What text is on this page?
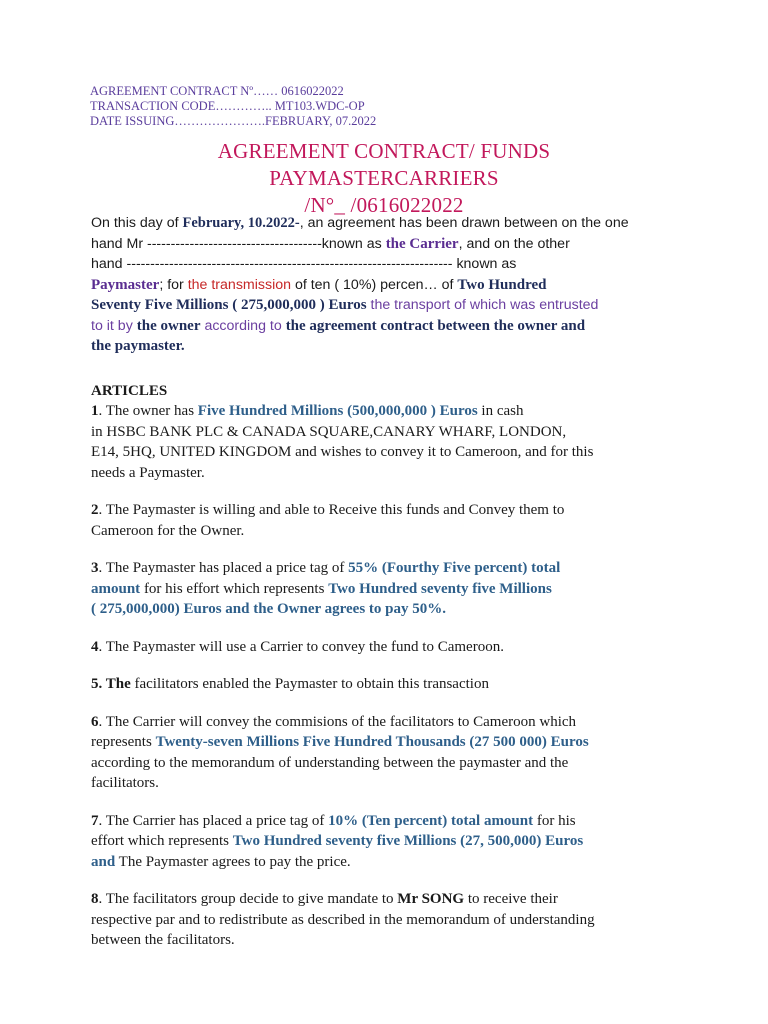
AGREEMENT CONTRACT Nº…… 0616022022
TRANSACTION CODE………….. MT103.WDC-OP
DATE ISSUING………………….FEBRUARY, 07.2022
AGREEMENT CONTRACT/ FUNDS
PAYMASTERCARRIERS
/N°_ /0616022022
On this day of February, 10.2022-, an agreement has been drawn between on the one
hand Mr -------------------------------------known as the Carrier, and on the other
hand --------------------------------------------------------------------- known as
Paymaster; for the transmission of ten ( 10%) percen… of Two Hundred
Seventy Five Millions ( 275,000,000 ) Euros the transport of which was entrusted
to it by the owner according to the agreement contract between the owner and
the paymaster.
ARTICLES
1. The owner has Five Hundred Millions (500,000,000 ) Euros in cash
in HSBC BANK PLC & CANADA SQUARE,CANARY WHARF, LONDON,
E14, 5HQ, UNITED KINGDOM and wishes to convey it to Cameroon, and for this
needs a Paymaster.
2. The Paymaster is willing and able to Receive this funds and Convey them to
Cameroon for the Owner.
3. The Paymaster has placed a price tag of 55% (Fourthy Five percent) total
amount for his effort which represents Two Hundred seventy five Millions
( 275,000,000) Euros and the Owner agrees to pay 50%.
4. The Paymaster will use a Carrier to convey the fund to Cameroon.
5. The facilitators enabled the Paymaster to obtain this transaction
6. The Carrier will convey the commisions of the facilitators to Cameroon which
represents Twenty-seven Millions Five Hundred Thousands (27 500 000) Euros
according to the memorandum of understanding between the paymaster and the
facilitators.
7. The Carrier has placed a price tag of 10% (Ten percent) total amount for his
effort which represents Two Hundred seventy five Millions (27, 500,000) Euros
and The Paymaster agrees to pay the price.
8. The facilitators group decide to give mandate to Mr SONG to receive their
respective par and to redistribute as described in the memorandum of understanding
between the facilitators.
